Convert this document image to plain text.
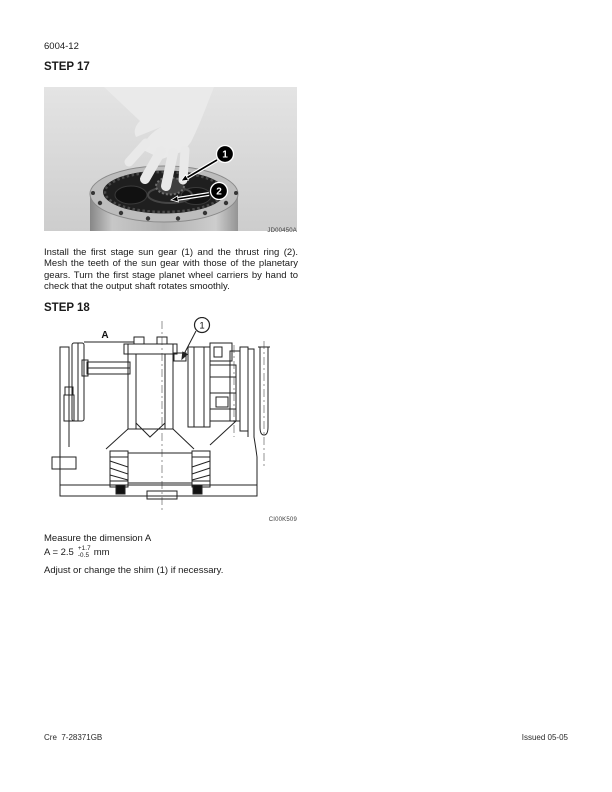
6004-12
STEP 17
1
2
JD00450A

Install the first stage sun gear (1) and the thrust ring (2). Mesh the teeth of the sun gear with those of the planetary gears. Turn the first stage planet wheel carriers by hand to check that the output shaft rotates smoothly.

STEP 18
A
1
CI00K509
Measure the dimension A
A = 2.5 +1.7
-0.5 mm
Adjust or change the shim (1) if necessary.
Cre  7-28371GB	Issued 05-05
